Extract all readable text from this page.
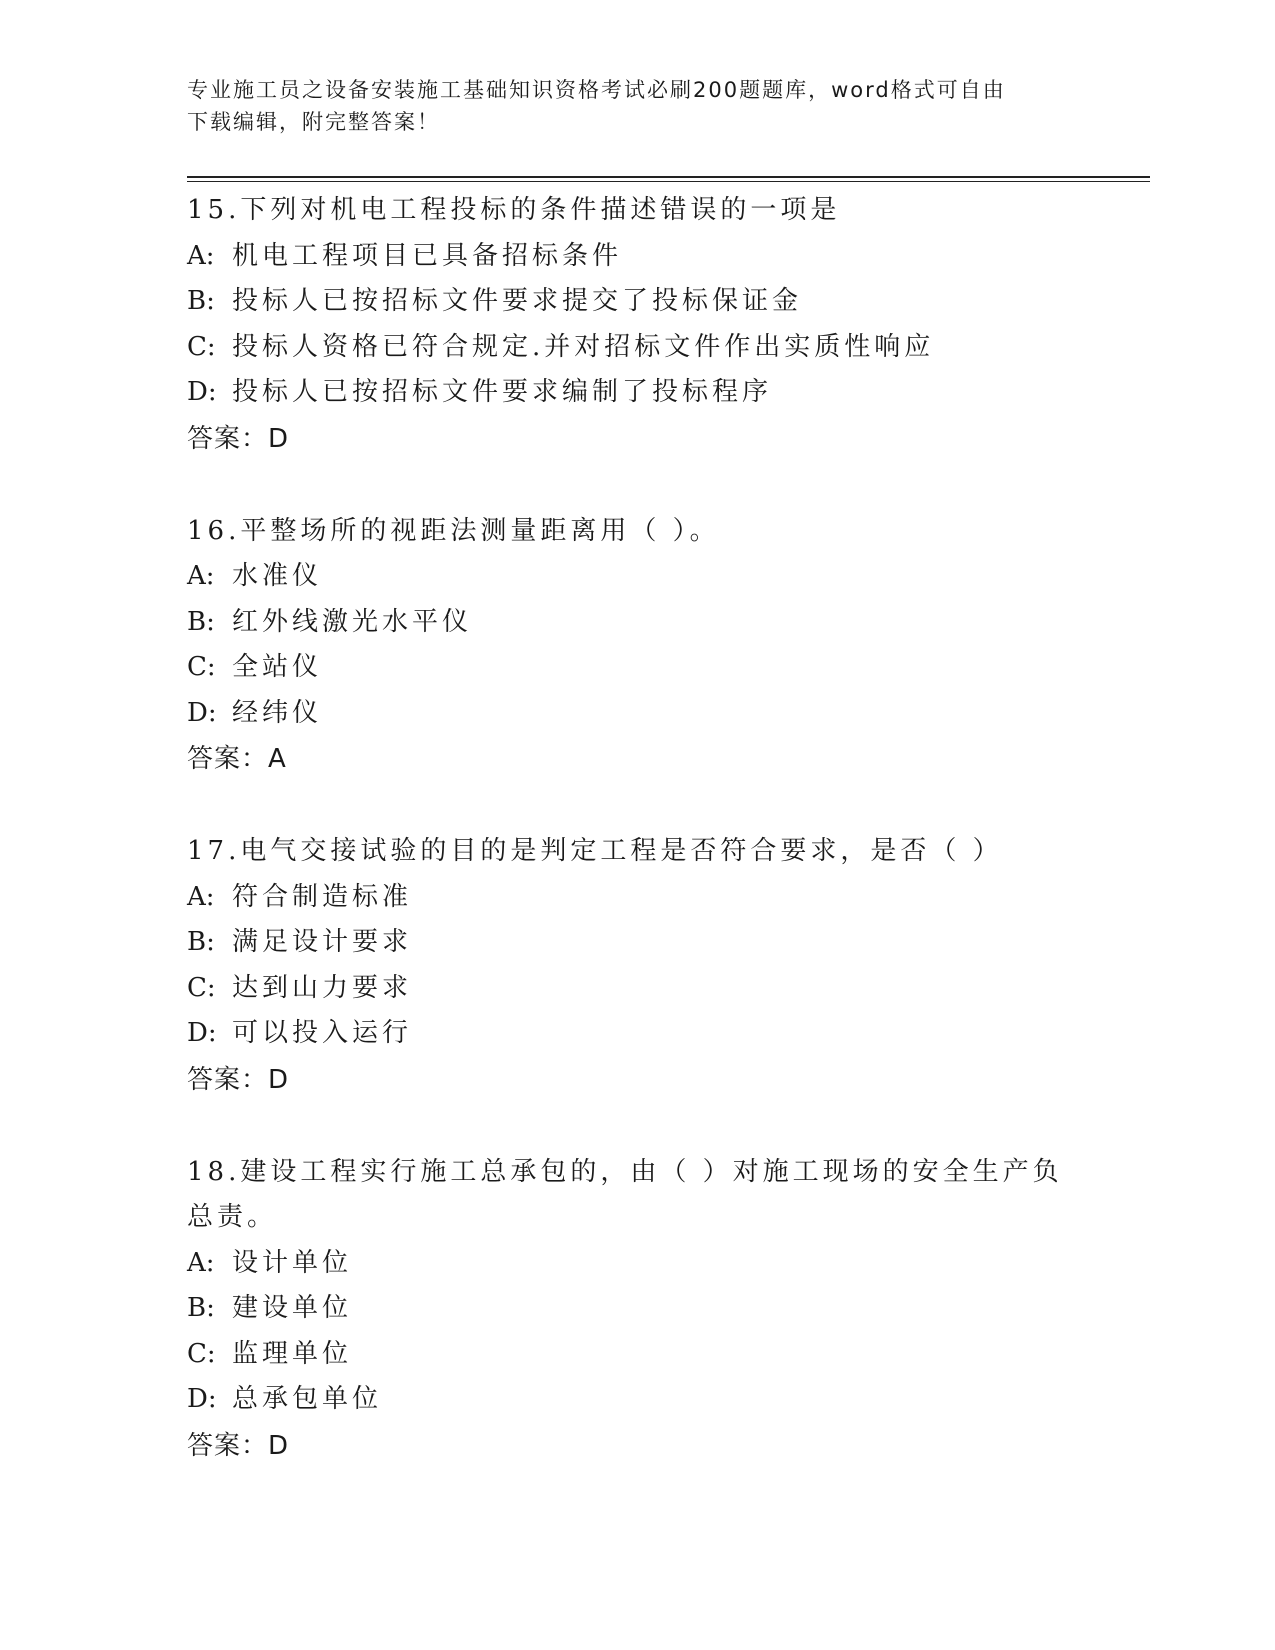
专业施工员之设备安装施工基础知识资格考试必刷200题题库，word格式可自由
下载编辑，附完整答案！
15.下列对机电工程投标的条件描述错误的一项是
A: 机电工程项目已具备招标条件
B: 投标人已按招标文件要求提交了投标保证金
C: 投标人资格已符合规定.并对招标文件作出实质性响应
D: 投标人已按招标文件要求编制了投标程序
答案：D
16.平整场所的视距法测量距离用（ ）。
A: 水准仪
B: 红外线激光水平仪
C: 全站仪
D: 经纬仪
答案：A
17.电气交接试验的目的是判定工程是否符合要求，是否（ ）
A: 符合制造标准
B: 满足设计要求
C: 达到山力要求
D: 可以投入运行
答案：D
18.建设工程实行施工总承包的，由（ ）对施工现场的安全生产负总责。
A: 设计单位
B: 建设单位
C: 监理单位
D: 总承包单位
答案：D
